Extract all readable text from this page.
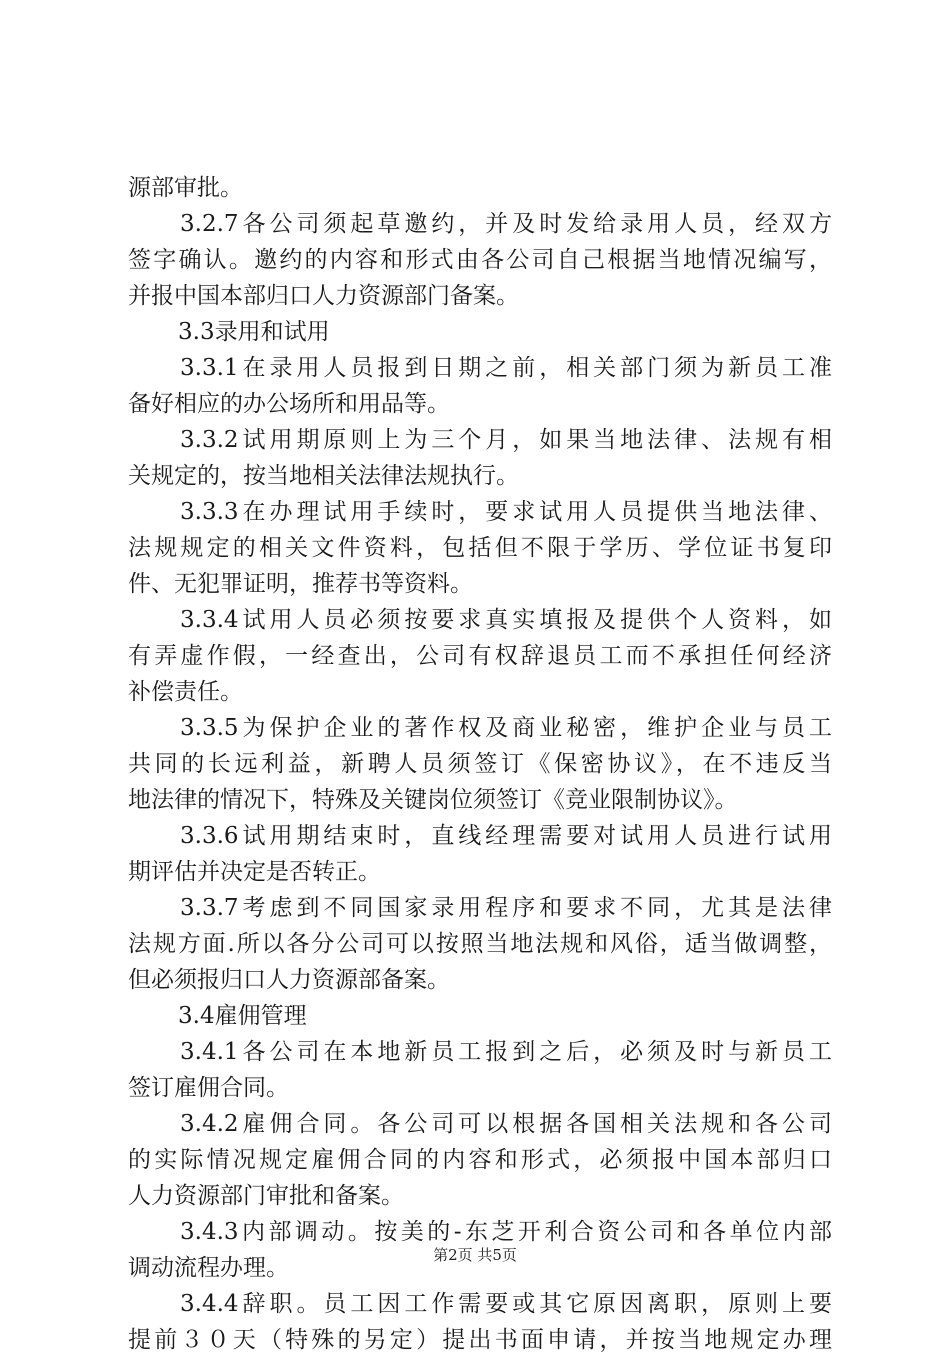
源部审批。
3.2.7各公司须起草邀约，并及时发给录用人员，经双方
签字确认。邀约的内容和形式由各公司自己根据当地情况编写，
并报中国本部归口人力资源部门备案。
3.3录用和试用
3.3.1在录用人员报到日期之前，相关部门须为新员工准
备好相应的办公场所和用品等。
3.3.2试用期原则上为三个月，如果当地法律、法规有相
关规定的，按当地相关法律法规执行。
3.3.3在办理试用手续时，要求试用人员提供当地法律、
法规规定的相关文件资料，包括但不限于学历、学位证书复印
件、无犯罪证明，推荐书等资料。
3.3.4试用人员必须按要求真实填报及提供个人资料，如
有弄虚作假，一经查出，公司有权辞退员工而不承担任何经济
补偿责任。
3.3.5为保护企业的著作权及商业秘密，维护企业与员工
共同的长远利益，新聘人员须签订《保密协议》，在不违反当
地法律的情况下，特殊及关键岗位须签订《竞业限制协议》。
3.3.6试用期结束时，直线经理需要对试用人员进行试用
期评估并决定是否转正。
3.3.7考虑到不同国家录用程序和要求不同，尤其是法律
法规方面.所以各分公司可以按照当地法规和风俗，适当做调整，
但必须报归口人力资源部备案。
3.4雇佣管理
3.4.1各公司在本地新员工报到之后，必须及时与新员工
签订雇佣合同。
3.4.2雇佣合同。各公司可以根据各国相关法规和各公司
的实际情况规定雇佣合同的内容和形式，必须报中国本部归口
人力资源部门审批和备案。
3.4.3内部调动。按美的-东芝开利合资公司和各单位内部
调动流程办理。
3.4.4辞职。员工因工作需要或其它原因离职，原则上要
提前３０天（特殊的另定）提出书面申请，并按当地规定办理
第2页 共5页
